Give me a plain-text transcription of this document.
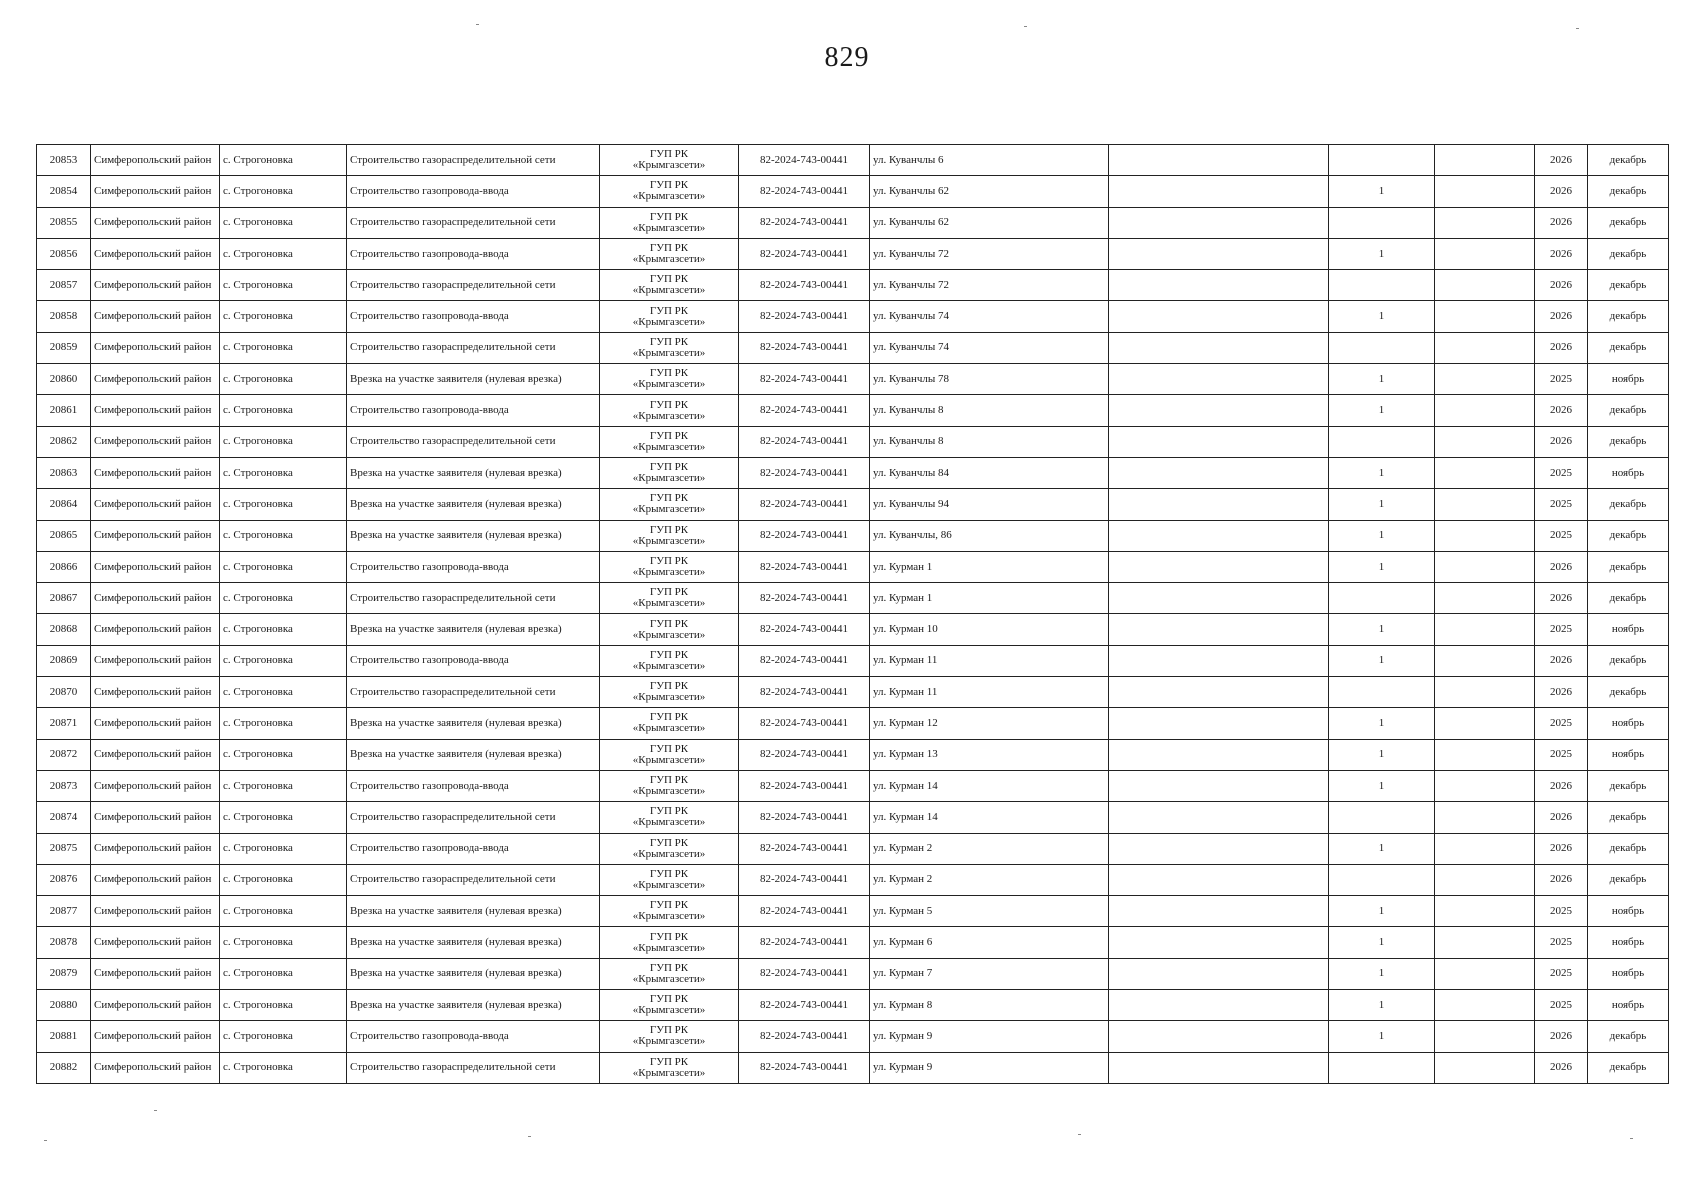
829
20853	Симферопольский район	с. Строгоновка	Строительство газораспределительной сети	ГУП РК
«Крымгазсети»	82-2024-743-00441	ул. Куванчлы 6				2026	декабрь
20854	Симферопольский район	с. Строгоновка	Строительство газопровода-ввода	ГУП РК
«Крымгазсети»	82-2024-743-00441	ул. Куванчлы 62		1		2026	декабрь
20855	Симферопольский район	с. Строгоновка	Строительство газораспределительной сети	ГУП РК
«Крымгазсети»	82-2024-743-00441	ул. Куванчлы 62				2026	декабрь
20856	Симферопольский район	с. Строгоновка	Строительство газопровода-ввода	ГУП РК
«Крымгазсети»	82-2024-743-00441	ул. Куванчлы 72		1		2026	декабрь
20857	Симферопольский район	с. Строгоновка	Строительство газораспределительной сети	ГУП РК
«Крымгазсети»	82-2024-743-00441	ул. Куванчлы 72				2026	декабрь
20858	Симферопольский район	с. Строгоновка	Строительство газопровода-ввода	ГУП РК
«Крымгазсети»	82-2024-743-00441	ул. Куванчлы 74		1		2026	декабрь
20859	Симферопольский район	с. Строгоновка	Строительство газораспределительной сети	ГУП РК
«Крымгазсети»	82-2024-743-00441	ул. Куванчлы 74				2026	декабрь
20860	Симферопольский район	с. Строгоновка	Врезка на участке заявителя (нулевая врезка)	ГУП РК
«Крымгазсети»	82-2024-743-00441	ул. Куванчлы 78		1		2025	ноябрь
20861	Симферопольский район	с. Строгоновка	Строительство газопровода-ввода	ГУП РК
«Крымгазсети»	82-2024-743-00441	ул. Куванчлы 8		1		2026	декабрь
20862	Симферопольский район	с. Строгоновка	Строительство газораспределительной сети	ГУП РК
«Крымгазсети»	82-2024-743-00441	ул. Куванчлы 8				2026	декабрь
20863	Симферопольский район	с. Строгоновка	Врезка на участке заявителя (нулевая врезка)	ГУП РК
«Крымгазсети»	82-2024-743-00441	ул. Куванчлы 84		1		2025	ноябрь
20864	Симферопольский район	с. Строгоновка	Врезка на участке заявителя (нулевая врезка)	ГУП РК
«Крымгазсети»	82-2024-743-00441	ул. Куванчлы 94		1		2025	декабрь
20865	Симферопольский район	с. Строгоновка	Врезка на участке заявителя (нулевая врезка)	ГУП РК
«Крымгазсети»	82-2024-743-00441	ул. Куванчлы, 86		1		2025	декабрь
20866	Симферопольский район	с. Строгоновка	Строительство газопровода-ввода	ГУП РК
«Крымгазсети»	82-2024-743-00441	ул. Курман 1		1		2026	декабрь
20867	Симферопольский район	с. Строгоновка	Строительство газораспределительной сети	ГУП РК
«Крымгазсети»	82-2024-743-00441	ул. Курман 1				2026	декабрь
20868	Симферопольский район	с. Строгоновка	Врезка на участке заявителя (нулевая врезка)	ГУП РК
«Крымгазсети»	82-2024-743-00441	ул. Курман 10		1		2025	ноябрь
20869	Симферопольский район	с. Строгоновка	Строительство газопровода-ввода	ГУП РК
«Крымгазсети»	82-2024-743-00441	ул. Курман 11		1		2026	декабрь
20870	Симферопольский район	с. Строгоновка	Строительство газораспределительной сети	ГУП РК
«Крымгазсети»	82-2024-743-00441	ул. Курман 11				2026	декабрь
20871	Симферопольский район	с. Строгоновка	Врезка на участке заявителя (нулевая врезка)	ГУП РК
«Крымгазсети»	82-2024-743-00441	ул. Курман 12		1		2025	ноябрь
20872	Симферопольский район	с. Строгоновка	Врезка на участке заявителя (нулевая врезка)	ГУП РК
«Крымгазсети»	82-2024-743-00441	ул. Курман 13		1		2025	ноябрь
20873	Симферопольский район	с. Строгоновка	Строительство газопровода-ввода	ГУП РК
«Крымгазсети»	82-2024-743-00441	ул. Курман 14		1		2026	декабрь
20874	Симферопольский район	с. Строгоновка	Строительство газораспределительной сети	ГУП РК
«Крымгазсети»	82-2024-743-00441	ул. Курман 14				2026	декабрь
20875	Симферопольский район	с. Строгоновка	Строительство газопровода-ввода	ГУП РК
«Крымгазсети»	82-2024-743-00441	ул. Курман 2		1		2026	декабрь
20876	Симферопольский район	с. Строгоновка	Строительство газораспределительной сети	ГУП РК
«Крымгазсети»	82-2024-743-00441	ул. Курман 2				2026	декабрь
20877	Симферопольский район	с. Строгоновка	Врезка на участке заявителя (нулевая врезка)	ГУП РК
«Крымгазсети»	82-2024-743-00441	ул. Курман 5		1		2025	ноябрь
20878	Симферопольский район	с. Строгоновка	Врезка на участке заявителя (нулевая врезка)	ГУП РК
«Крымгазсети»	82-2024-743-00441	ул. Курман 6		1		2025	ноябрь
20879	Симферопольский район	с. Строгоновка	Врезка на участке заявителя (нулевая врезка)	ГУП РК
«Крымгазсети»	82-2024-743-00441	ул. Курман 7		1		2025	ноябрь
20880	Симферопольский район	с. Строгоновка	Врезка на участке заявителя (нулевая врезка)	ГУП РК
«Крымгазсети»	82-2024-743-00441	ул. Курман 8		1		2025	ноябрь
20881	Симферопольский район	с. Строгоновка	Строительство газопровода-ввода	ГУП РК
«Крымгазсети»	82-2024-743-00441	ул. Курман 9		1		2026	декабрь
20882	Симферопольский район	с. Строгоновка	Строительство газораспределительной сети	ГУП РК
«Крымгазсети»	82-2024-743-00441	ул. Курман 9				2026	декабрь
